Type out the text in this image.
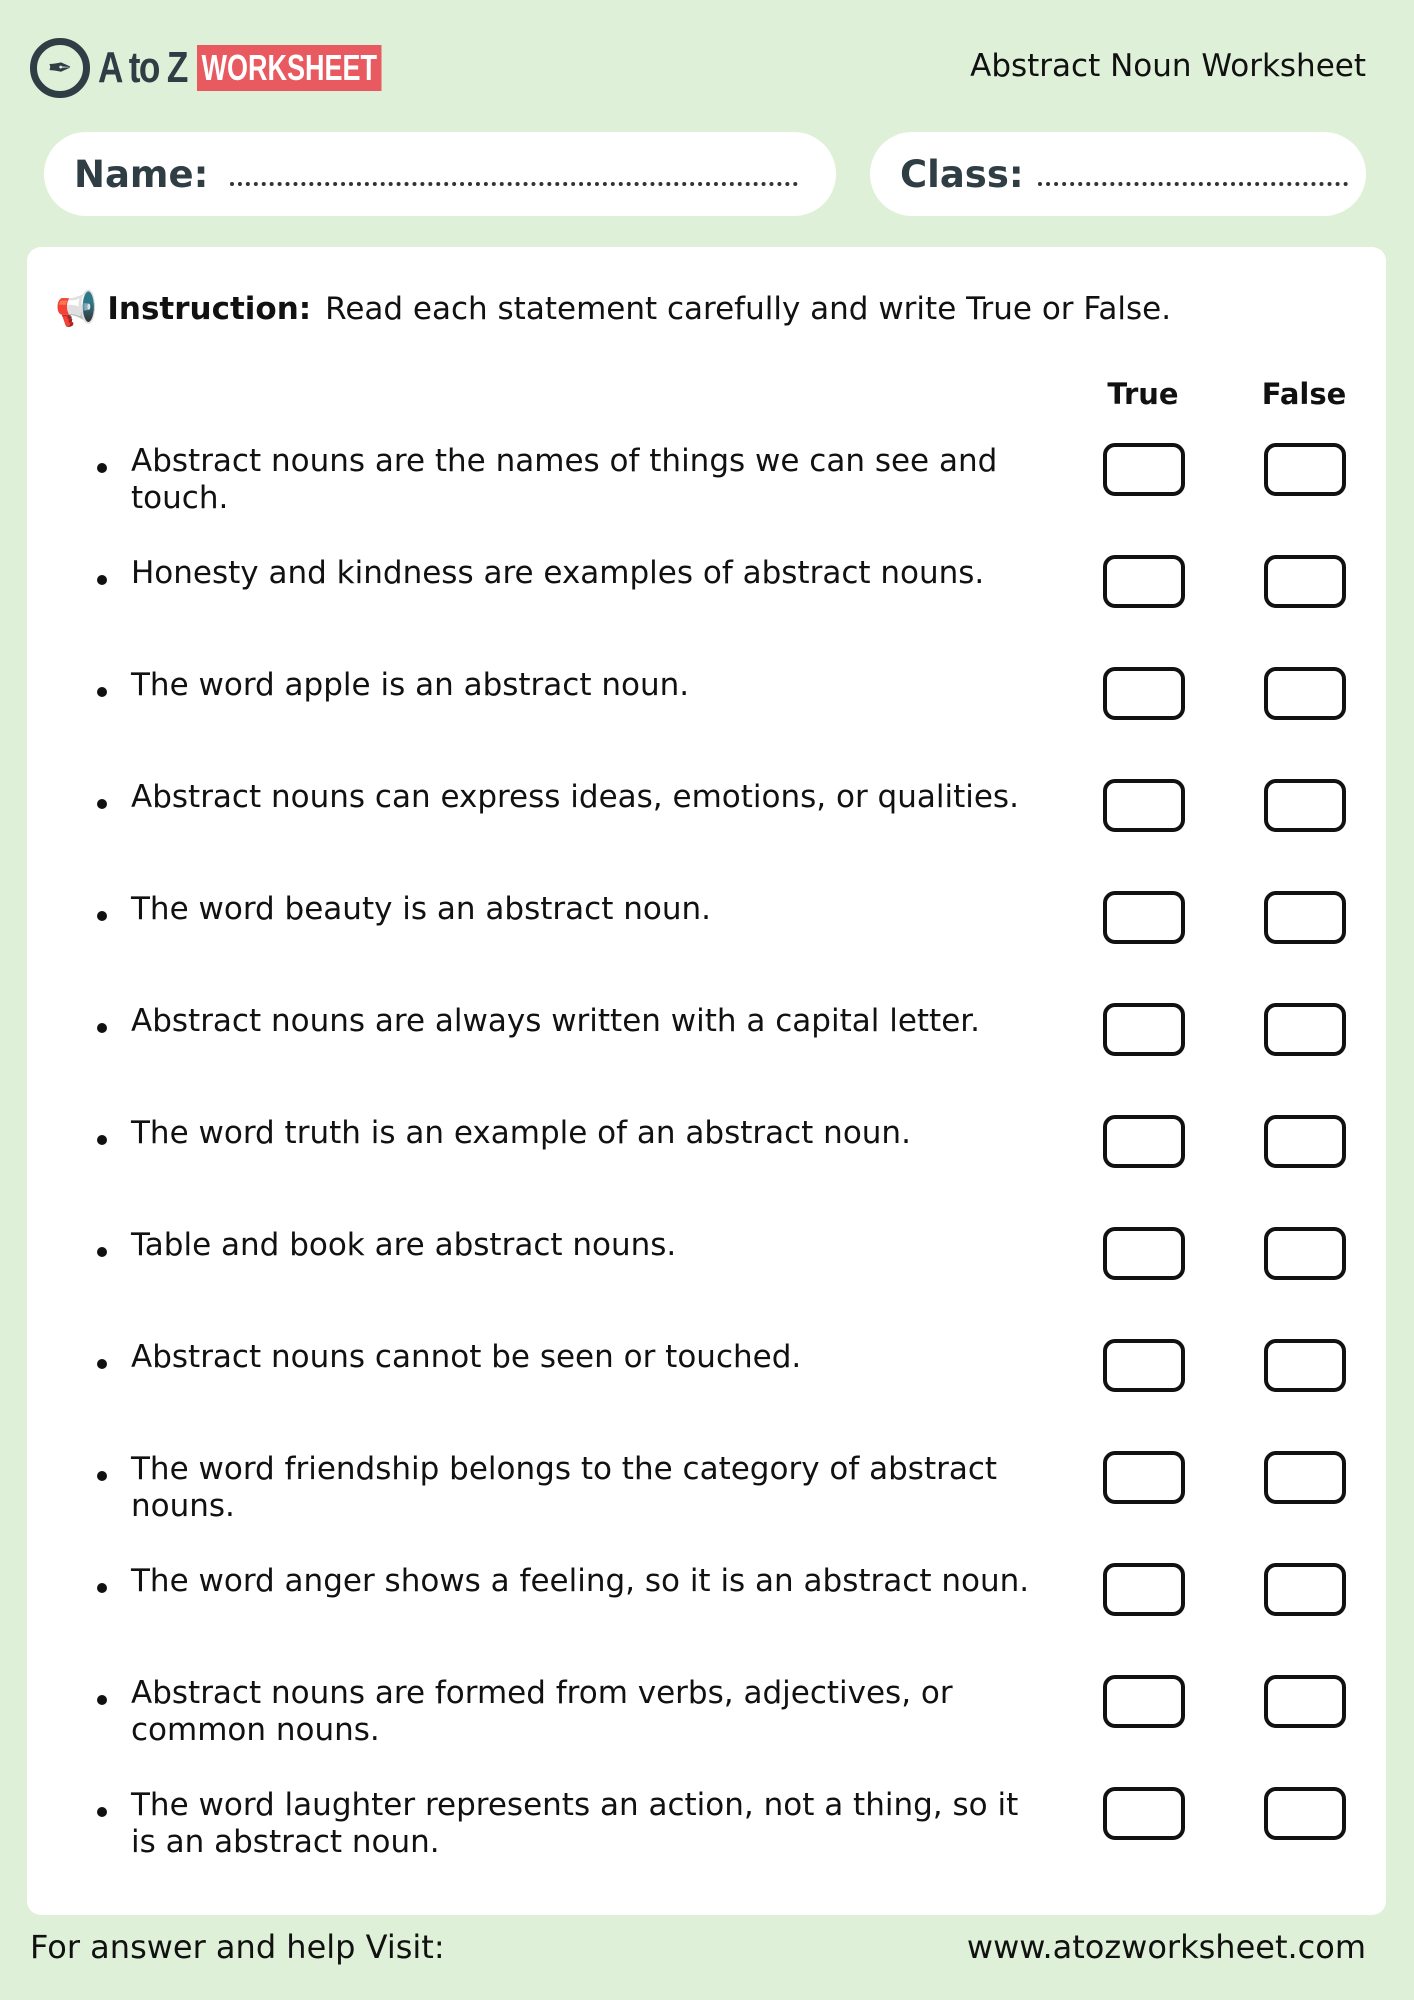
✒ A to Z WORKSHEET	Abstract Noun Worksheet
Name:	Class:
📢 Instruction: Read each statement carefully and write True or False.
True	False
Abstract nouns are the names of things we can see and touch.
Honesty and kindness are examples of abstract nouns.
The word apple is an abstract noun.
Abstract nouns can express ideas, emotions, or qualities.
The word beauty is an abstract noun.
Abstract nouns are always written with a capital letter.
The word truth is an example of an abstract noun.
Table and book are abstract nouns.
Abstract nouns cannot be seen or touched.
The word friendship belongs to the category of abstract nouns.
The word anger shows a feeling, so it is an abstract noun.
Abstract nouns are formed from verbs, adjectives, or common nouns.
The word laughter represents an action, not a thing, so it is an abstract noun.
For answer and help Visit:	www.atozworksheet.com
